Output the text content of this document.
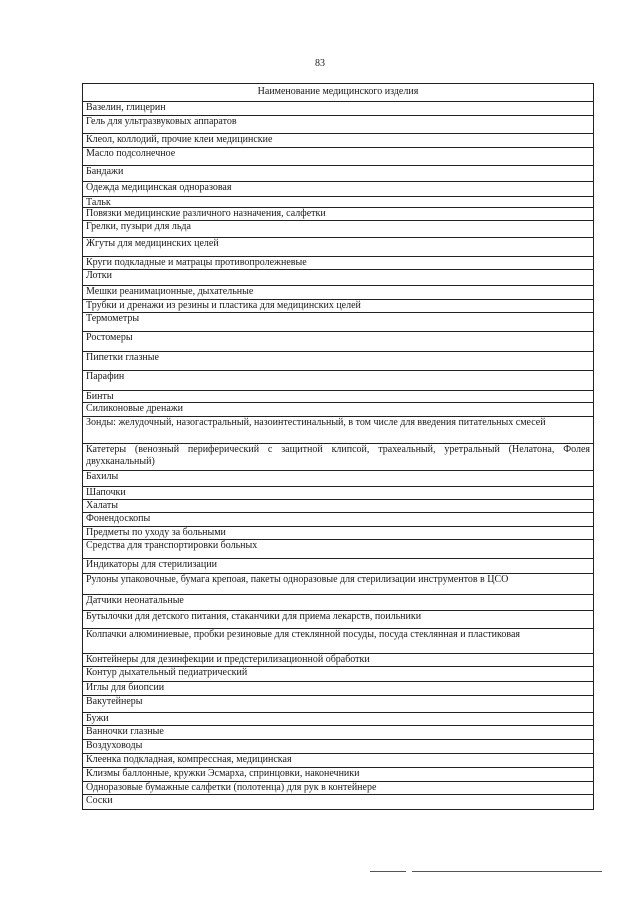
83
Наименование медицинского изделия
Вазелин, глицерин
Гель для ультразвуковых аппаратов
Клеол, коллодий, прочие клеи медицинские
Масло подсолнечное
Бандажи
Одежда медицинская одноразовая
Тальк
Повязки медицинские различного назначения, салфетки
Грелки, пузыри для льда
Жгуты для медицинских целей
Круги подкладные и матрацы противопролежневые
Лотки
Мешки реанимационные, дыхательные
Трубки и дренажи из резины и пластика для медицинских целей
Термометры
Ростомеры
Пипетки глазные
Парафин
Бинты
Силиконовые дренажи
Зонды: желудочный, назогастральный, назоинтестинальный, в том числе для введения питательных смесей
Катетеры (венозный периферический с защитной клипсой, трахеальный, уретральный (Нелатона, Фолея двухканальный)
Бахилы
Шапочки
Халаты
Фонендоскопы
Предметы по уходу за больными
Средства для транспортировки больных
Индикаторы для стерилизации
Рулоны упаковочные, бумага крепоая, пакеты одноразовые для стерилизации инструментов в ЦСО
Датчики неонатальные
Бутылочки для детского питания, стаканчики для приема лекарств, поильники
Колпачки алюминиевые, пробки резиновые для стеклянной посуды, посуда стеклянная и пластиковая
Контейнеры для дезинфекции и предстерилизационной обработки
Контур дыхательный педиатрический
Иглы для биопсии
Вакутейнеры
Бужи
Ванночки глазные
Воздуховоды
Клеенка подкладная, компрессная, медицинская
Клизмы баллонные, кружки Эсмарха, спринцовки, наконечники
Одноразовые бумажные салфетки (полотенца) для рук в контейнере
Соски
